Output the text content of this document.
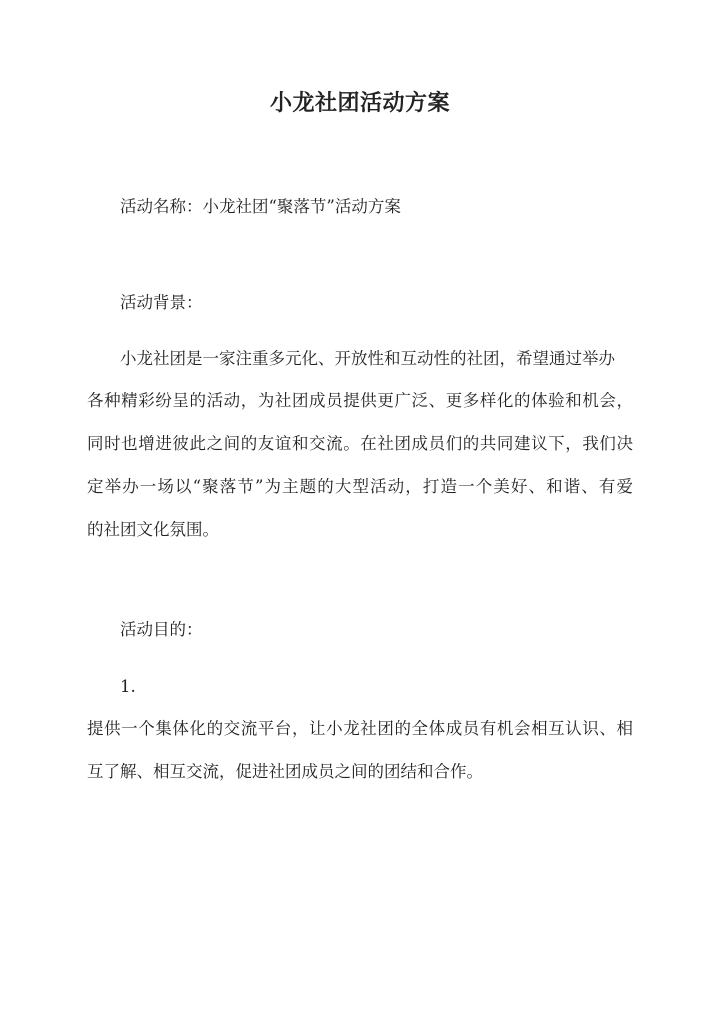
小龙社团活动方案
活动名称：小龙社团“聚落节”活动方案
活动背景：
小龙社团是一家注重多元化、开放性和互动性的社团，希望通过举办
各种精彩纷呈的活动，为社团成员提供更广泛、更多样化的体验和机会，
同时也增进彼此之间的友谊和交流。在社团成员们的共同建议下，我们决
定举办一场以“聚落节”为主题的大型活动，打造一个美好、和谐、有爱
的社团文化氛围。
活动目的：
1.
提供一个集体化的交流平台，让小龙社团的全体成员有机会相互认识、相
互了解、相互交流，促进社团成员之间的团结和合作。
